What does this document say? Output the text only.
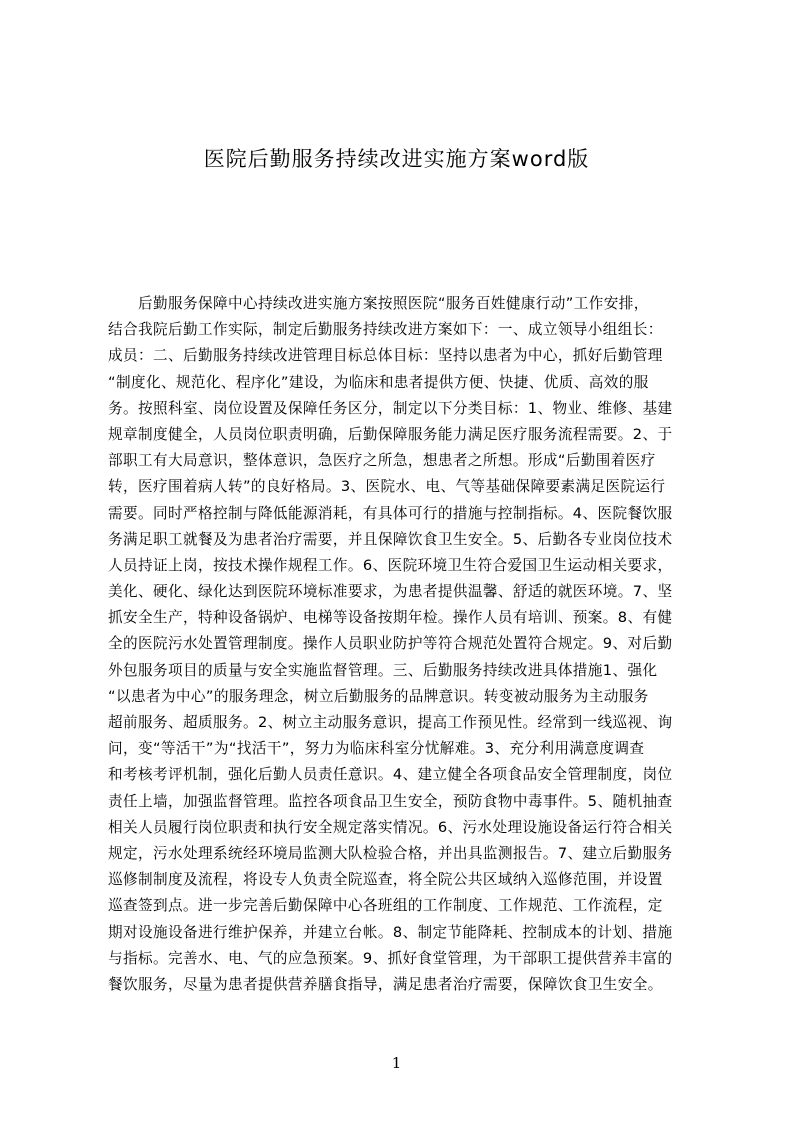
医院后勤服务持续改进实施方案word版
后勤服务保障中心持续改进实施方案按照医院“服务百姓健康行动”工作安排，
结合我院后勤工作实际，制定后勤服务持续改进方案如下：一、成立领导小组组长：
成员：二、后勤服务持续改进管理目标总体目标：坚持以患者为中心，抓好后勤管理
“制度化、规范化、程序化”建设，为临床和患者提供方便、快捷、优质、高效的服
务。按照科室、岗位设置及保障任务区分，制定以下分类目标：1、物业、维修、基建
规章制度健全，人员岗位职责明确，后勤保障服务能力满足医疗服务流程需要。2、于
部职工有大局意识，整体意识，急医疗之所急，想患者之所想。形成“后勤围着医疗
转，医疗围着病人转”的良好格局。3、医院水、电、气等基础保障要素满足医院运行
需要。同时严格控制与降低能源消耗，有具体可行的措施与控制指标。4、医院餐饮服
务满足职工就餐及为患者治疗需要，并且保障饮食卫生安全。5、后勤各专业岗位技术
人员持证上岗，按技术操作规程工作。6、医院环境卫生符合爱国卫生运动相关要求，
美化、硬化、绿化达到医院环境标准要求，为患者提供温馨、舒适的就医环境。7、坚
抓安全生产，特种设备锅炉、电梯等设备按期年检。操作人员有培训、预案。8、有健
全的医院污水处置管理制度。操作人员职业防护等符合规范处置符合规定。9、对后勤
外包服务项目的质量与安全实施监督管理。三、后勤服务持续改进具体措施1、强化
“以患者为中心”的服务理念，树立后勤服务的品牌意识。转变被动服务为主动服务
超前服务、超质服务。2、树立主动服务意识，提高工作预见性。经常到一线巡视、询
问，变“等活干”为“找活干”，努力为临床科室分忧解难。3、充分利用满意度调查
和考核考评机制，强化后勤人员责任意识。4、建立健全各项食品安全管理制度，岗位
责任上墙，加强监督管理。监控各项食品卫生安全，预防食物中毒事件。5、随机抽查
相关人员履行岗位职责和执行安全规定落实情况。6、污水处理设施设备运行符合相关
规定，污水处理系统经环境局监测大队检验合格，并出具监测报告。7、建立后勤服务
巡修制制度及流程，将设专人负责全院巡查，将全院公共区域纳入巡修范围，并设置
巡查签到点。进一步完善后勤保障中心各班组的工作制度、工作规范、工作流程，定
期对设施设备进行维护保养，并建立台帐。8、制定节能降耗、控制成本的计划、措施
与指标。完善水、电、气的应急预案。9、抓好食堂管理，为干部职工提供营养丰富的
餐饮服务，尽量为患者提供营养膳食指导，满足患者治疗需要，保障饮食卫生安全。
1
